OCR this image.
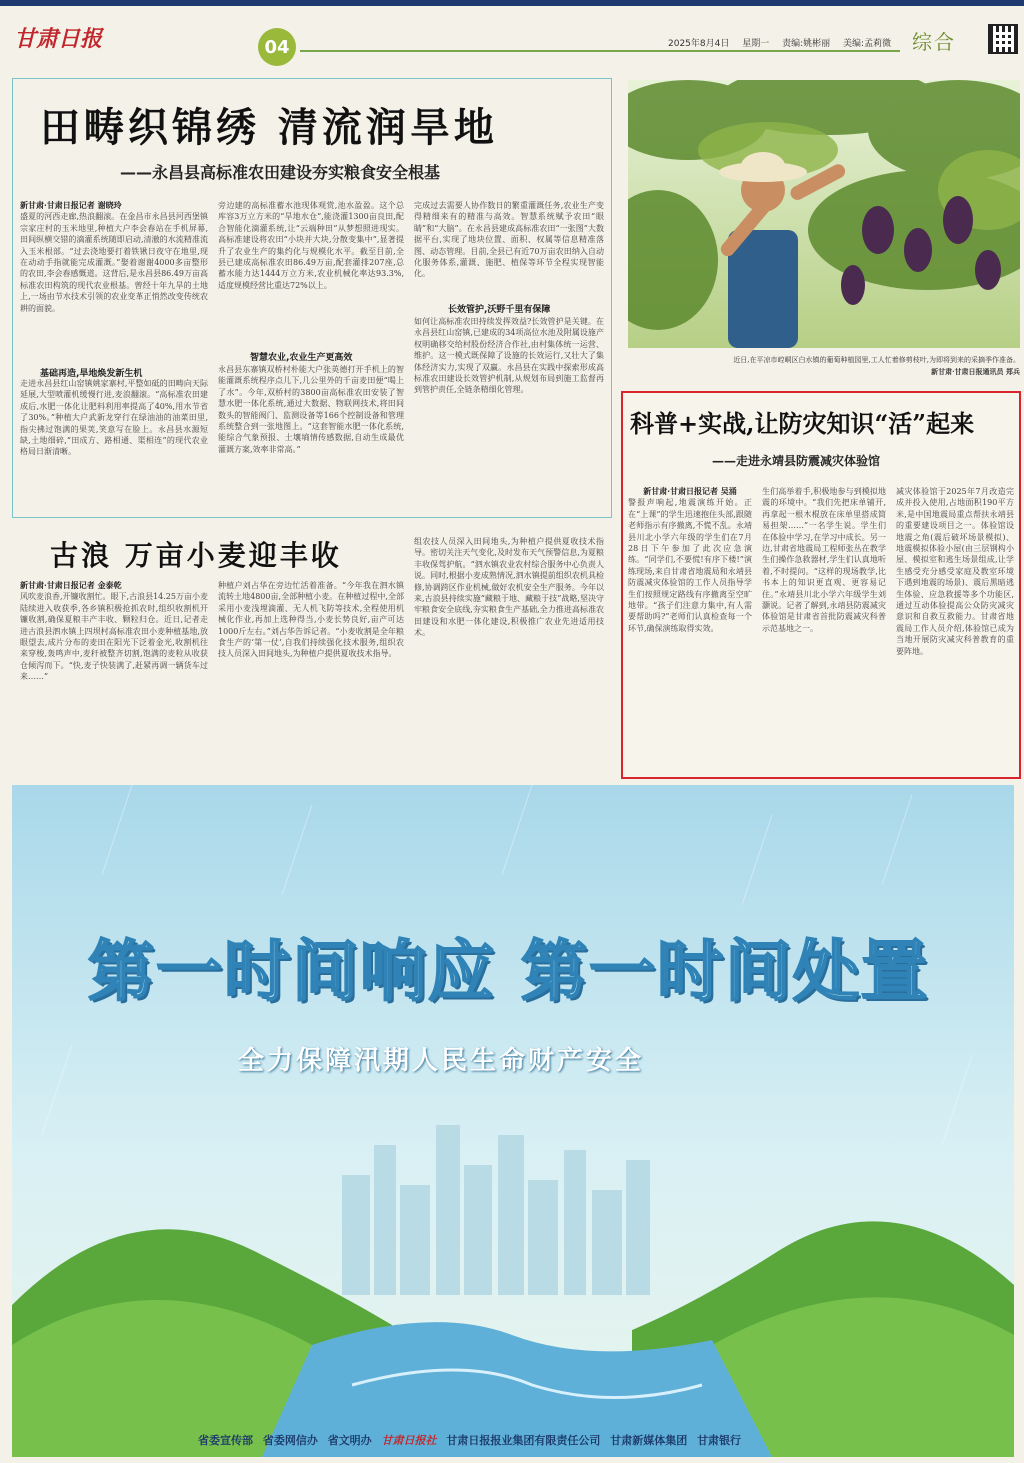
甘肃日报	04	2025年8月4日 星期一 责编:姚彬丽 美编:孟莉微	综合
田畴织锦绣 清流润旱地
——永昌县高标准农田建设夯实粮食安全根基
新甘肃·甘肃日报记者 谢晓玲
盛夏的河西走廊,热浪翻滚。在金昌市永昌县河西堡镇宗家庄村的玉米地里,种植大户李会春站在手机屏幕,田间纵横交错的滴灌系统随即启动,清澈的水流精准流入玉米根部。“过去浇地要打着铁锹日夜守在地里,现在动动手指就能完成灌溉。”娶着谢谢4000多亩整形的农田,李会春感慨道。这背后,是永昌县86.49万亩高标准农田构筑的现代农业根基。曾经十年九旱的土地上,一场由节水技术引领的农业变革正悄然改变传统农耕的面貌。
基础再造,旱地焕发新生机
走进永昌县红山窑镇姚家寨村,平整如砥的田畴向天际延展,大型喷灌机缓慢行进,麦浪翻滚。“高标准农田建成后,水肥一体化让肥料利用率提高了40%,用水节省了30%。”种植大户武新龙穿行在绿油油的油菜田里,指尖拂过饱满的果荚,笑意写在脸上。永昌县水源短缺,土地细碎,“田成方、路相通、渠相连”的现代农业格局日渐清晰。
旁边建的高标准蓄水池现体观赏,池水盈盈。这个总库容3万立方米的“旱地水仓”,能浇灌1300亩良田,配合智能化滴灌系统,让“云端种田”从梦想照进现实。高标准建设将农田“小块并大块,分散变集中”,显著提升了农业生产的集约化与规模化水平。截至目前,全县已建成高标准农田86.49万亩,配套灌排207座,总蓄水能力达1444万立方米,农业机械化率达93.3%,适度规模经营比重达72%以上。
智慧农业,农业生产更高效
永昌县东寨镇双桥村朴能大户张英德打开手机上的智能灌溉系统程序点儿下,几公里外的千亩麦田便“喝上了水”。今年,双桥村的3800亩高标准农田安装了智慧水肥一体化系统,通过大数据、物联网技术,将田间数头的智能阀门、监测设备等166个控制设备和管理系统整合到一张地图上。“这套智能水肥一体化系统,能综合气象预报、土壤墒情传感数据,自动生成最优灌溉方案,效率非常高。”
完成过去需要人协作数日的繁重灌溉任务,农业生产变得精细来有的精准与高效。智慧系统赋予农田“眼睛”和“大脑”。在永昌县建成高标准农田“一张图”大数据平台,实现了地块位置、面积、权属等信息精准落图、动态管理。目前,全县已有近70万亩农田纳入自动化服务体系,灌溉、施肥、植保等环节全程实现智能化。
长效管护,沃野千里有保障
如何让高标准农田持续发挥效益?长效管护是关键。在永昌县红山窑镇,已建成的34项高位水池及附属设施产权明确移交给村股份经济合作社,由村集体统一运营、维护。这一模式既保障了设施的长效运行,又壮大了集体经济实力,实现了双赢。永昌县在实践中探索形成高标准农田建设长效管护机制,从规划布局到施工监督再到管护责任,全链条精细化管理。
近日,在平凉市崆峒区白水镇的葡萄种植园里,工人忙着修剪枝叶,为即将到来的采摘季作准备。
新甘肃·甘肃日报通讯员 郑兵
古浪 万亩小麦迎丰收
新甘肃·甘肃日报记者 金泰乾
风吹麦浪香,开镰收割忙。眼下,古浪县14.25万亩小麦陆续进入收获季,各乡镇积极抢抓农时,组织收割机开镰收割,确保夏粮丰产丰收、颗粒归仓。近日,记者走进古浪县泗水镇上四坝村高标准农田小麦种植基地,放眼望去,成片分布的麦田在阳光下泛着金光,收割机往来穿梭,轰鸣声中,麦秆被整齐切割,饱满的麦粒从收获仓倾泻而下。“快,麦子快装满了,赶紧再调一辆货车过来……”
种植户刘占华在旁边忙活着准备。“今年我在泗水镇流转土地4800亩,全部种植小麦。在种植过程中,全部采用小麦浅埋滴灌、无人机飞防等技术,全程使用机械化作业,再加上选种得当,小麦长势良好,亩产可达1000斤左右。”刘占华告诉记者。“小麦收割是全年粮食生产的‘第一仗’,自我们持续强化技术服务,组织农技人员深入田间地头,为种植户提供夏收技术指导。
组农技人员深入田间地头,为种植户提供夏收技术指导。密切关注天气变化,及时发布天气预警信息,为夏粮丰收保驾护航。“泗水镇农业农村综合服务中心负责人说。同时,根据小麦成熟情况,泗水镇提前组织农机具检修,协调跨区作业机械,做好农机安全生产服务。今年以来,古浪县持续实施“藏粮于地、藏粮于技”战略,坚决守牢粮食安全底线,夯实粮食生产基础,全力推进高标准农田建设和水肥一体化建设,积极推广农业先进适用技术。
科普+实战,让防灾知识“活”起来
——走进永靖县防震减灾体验馆
新甘肃·甘肃日报记者 吴涌
警报声响起,地震演练开始。正在“上课”的学生迅速抱住头部,跟随老师指示有序撤离,不慌不乱。永靖县川北小学六年级的学生们在7月28日下午参加了此次应急演练。“同学们,不要慌!有序下楼!”演练现场,来自甘肃省地震局和永靖县防震减灾体验馆的工作人员指导学生们按照规定路线有序撤离至空旷地带。“孩子们注意力集中,有人需要帮助吗?”老师们认真检查每一个环节,确保演练取得实效。
生们高举着手,积极地参与到模拟地震的环境中。“我们先把床单铺开,再拿起一根木棍放在床单里搭成简易担架……”一名学生说。学生们在体验中学习,在学习中成长。另一边,甘肃省地震局工程师张丛在教学生们操作急救器材,学生们认真地听着,不时提问。“这样的现场教学,比书本上的知识更直观、更容易记住。”永靖县川北小学六年级学生刘灏说。记者了解到,永靖县防震减灾体验馆是甘肃省首批防震减灾科普示范基地之一。
减灾体验馆于2025年7月改造完成并投入使用,占地面积190平方米,是中国地震局重点帮扶永靖县的重要建设项目之一。体验馆设地震之角(震后破坏场景模拟)、地震模拟体验小屋(由三层钢构小屋、模拟室和逃生场景组成,让学生感受充分感受家庭及教室环境下遇到地震的场景)、震后黑暗逃生体验、应急救援等多个功能区,通过互动体验提高公众防灾减灾意识和自救互救能力。甘肃省地震局工作人员介绍,体验馆已成为当地开展防灾减灾科普教育的重要阵地。
第一时间响应 第一时间处置
全力保障汛期人民生命财产安全
省委宣传部 省委网信办 省文明办 甘肃日报社 甘肃日报报业集团有限责任公司 甘肃新媒体集团 甘肃银行
